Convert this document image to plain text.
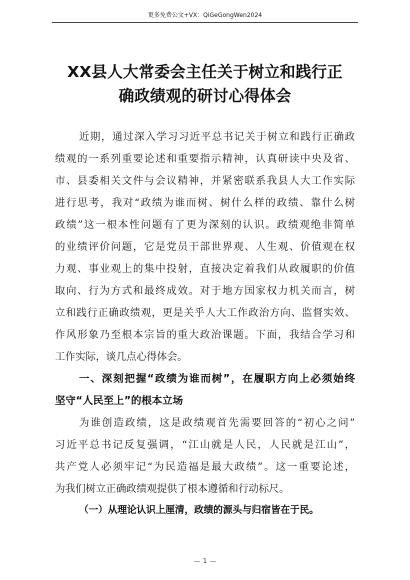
更多免费公文+VX：QiGeGongWen2024
XX县人大常委会主任关于树立和践行正
确政绩观的研讨心得体会
近期，通过深入学习习近平总书记关于树立和践行正确政
绩观的一系列重要论述和重要指示精神，认真研读中央及省、
市、县委相关文件与会议精神，并紧密联系我县人大工作实际
进行思考，我对“政绩为谁而树、树什么样的政绩、靠什么树
政绩”这一根本性问题有了更为深刻的认识。政绩观绝非简单
的业绩评价问题，它是党员干部世界观、人生观、价值观在权
力观、事业观上的集中投射，直接决定着我们从政履职的价值
取向、行为方式和最终成效。对于地方国家权力机关而言，树
立和践行正确政绩观，更是关乎人大工作政治方向、监督实效、
作风形象乃至根本宗旨的重大政治课题。下面，我结合学习和
工作实际，谈几点心得体会。
一、深刻把握“政绩为谁而树”，在履职方向上必须始终
坚守“人民至上”的根本立场
为谁创造政绩，这是政绩观首先需要回答的“初心之问”
习近平总书记反复强调，“江山就是人民，人民就是江山”，
共产党人必须牢记“为民造福是最大政绩”。这一重要论述，
为我们树立正确政绩观提供了根本遵循和行动标尺。
（一）从理论认识上厘清，政绩的源头与归宿皆在于民。
— 1 —
